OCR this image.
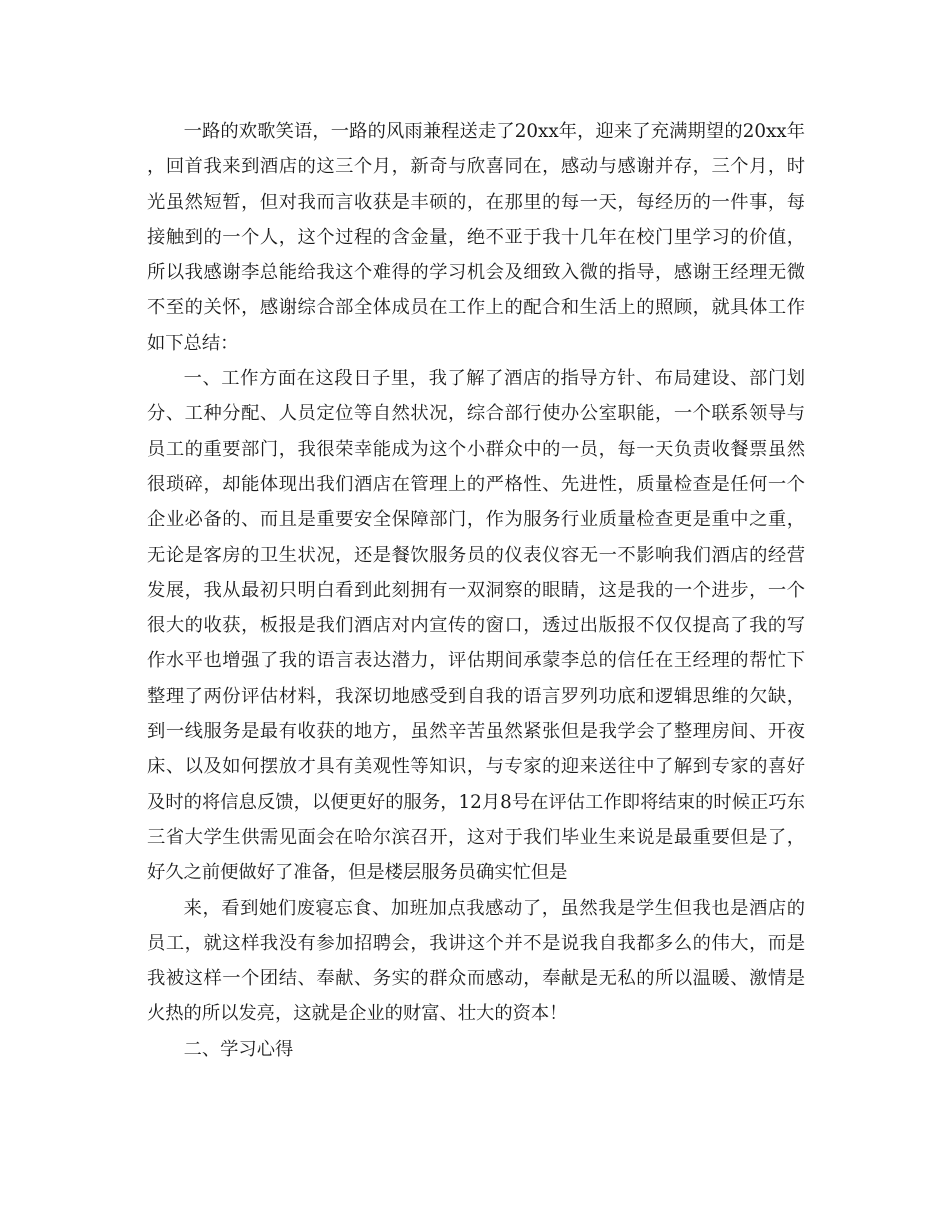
一路的欢歌笑语，一路的风雨兼程送走了20xx年，迎来了充满期望的20xx年，回首我来到酒店的这三个月，新奇与欣喜同在，感动与感谢并存，三个月，时光虽然短暂，但对我而言收获是丰硕的，在那里的每一天，每经历的一件事，每接触到的一个人，这个过程的含金量，绝不亚于我十几年在校门里学习的价值，所以我感谢李总能给我这个难得的学习机会及细致入微的指导，感谢王经理无微不至的关怀，感谢综合部全体成员在工作上的配合和生活上的照顾，就具体工作如下总结：

一、工作方面在这段日子里，我了解了酒店的指导方针、布局建设、部门划分、工种分配、人员定位等自然状况，综合部行使办公室职能，一个联系领导与员工的重要部门，我很荣幸能成为这个小群众中的一员，每一天负责收餐票虽然很琐碎，却能体现出我们酒店在管理上的严格性、先进性，质量检查是任何一个企业必备的、而且是重要安全保障部门，作为服务行业质量检查更是重中之重，无论是客房的卫生状况，还是餐饮服务员的仪表仪容无一不影响我们酒店的经营发展，我从最初只明白看到此刻拥有一双洞察的眼睛，这是我的一个进步，一个很大的收获，板报是我们酒店对内宣传的窗口，透过出版报不仅仅提高了我的写作水平也增强了我的语言表达潜力，评估期间承蒙李总的信任在王经理的帮忙下整理了两份评估材料，我深切地感受到自我的语言罗列功底和逻辑思维的欠缺，到一线服务是最有收获的地方，虽然辛苦虽然紧张但是我学会了整理房间、开夜床、以及如何摆放才具有美观性等知识，与专家的迎来送往中了解到专家的喜好及时的将信息反馈，以便更好的服务，12月8号在评估工作即将结束的时候正巧东三省大学生供需见面会在哈尔滨召开，这对于我们毕业生来说是最重要但是了，好久之前便做好了准备，但是楼层服务员确实忙但是

来，看到她们废寝忘食、加班加点我感动了，虽然我是学生但我也是酒店的员工，就这样我没有参加招聘会，我讲这个并不是说我自我都多么的伟大，而是我被这样一个团结、奉献、务实的群众而感动，奉献是无私的所以温暖、激情是火热的所以发亮，这就是企业的财富、壮大的资本！

二、学习心得
